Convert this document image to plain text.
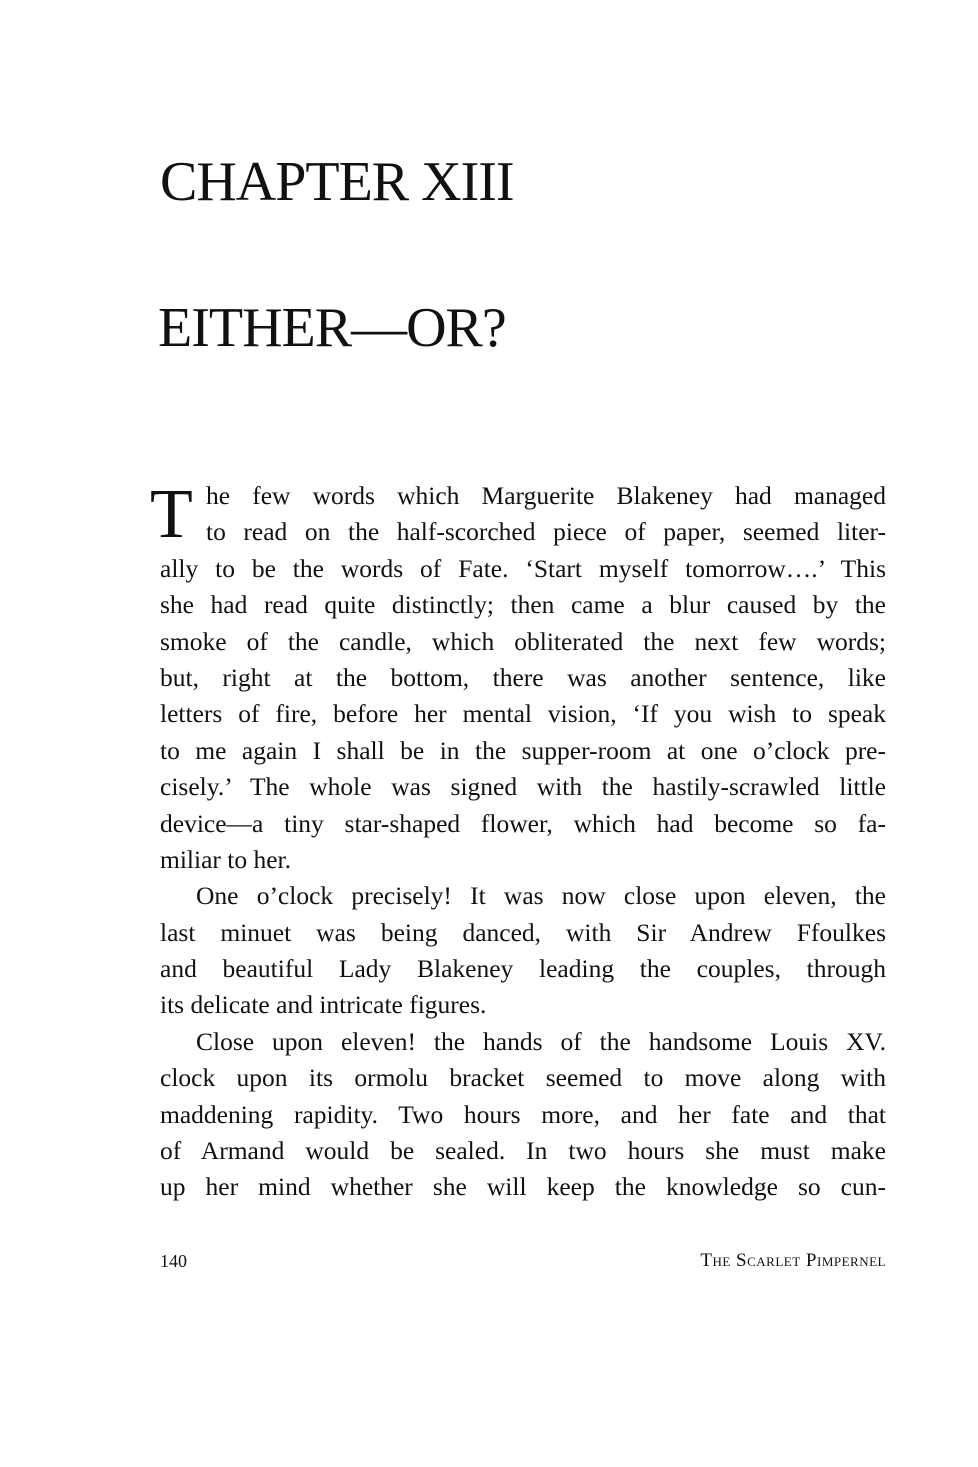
CHAPTER XIII
EITHER—OR?
T he few words which Marguerite Blakeney had managed
to read on the half-scorched piece of paper, seemed liter-
ally to be the words of Fate. ‘Start myself tomorrow….’ This
she had read quite distinctly; then came a blur caused by the
smoke of the candle, which obliterated the next few words;
but, right at the bottom, there was another sentence, like
letters of fire, before her mental vision, ‘If you wish to speak
to me again I shall be in the supper-room at one o’clock pre-
cisely.’ The whole was signed with the hastily-scrawled little
device—a tiny star-shaped flower, which had become so fa-
miliar to her.
One o’clock precisely! It was now close upon eleven, the
last minuet was being danced, with Sir Andrew Ffoulkes
and beautiful Lady Blakeney leading the couples, through
its delicate and intricate figures.
Close upon eleven! the hands of the handsome Louis XV.
clock upon its ormolu bracket seemed to move along with
maddening rapidity. Two hours more, and her fate and that
of Armand would be sealed. In two hours she must make
up her mind whether she will keep the knowledge so cun-
140	The Scarlet Pimpernel
